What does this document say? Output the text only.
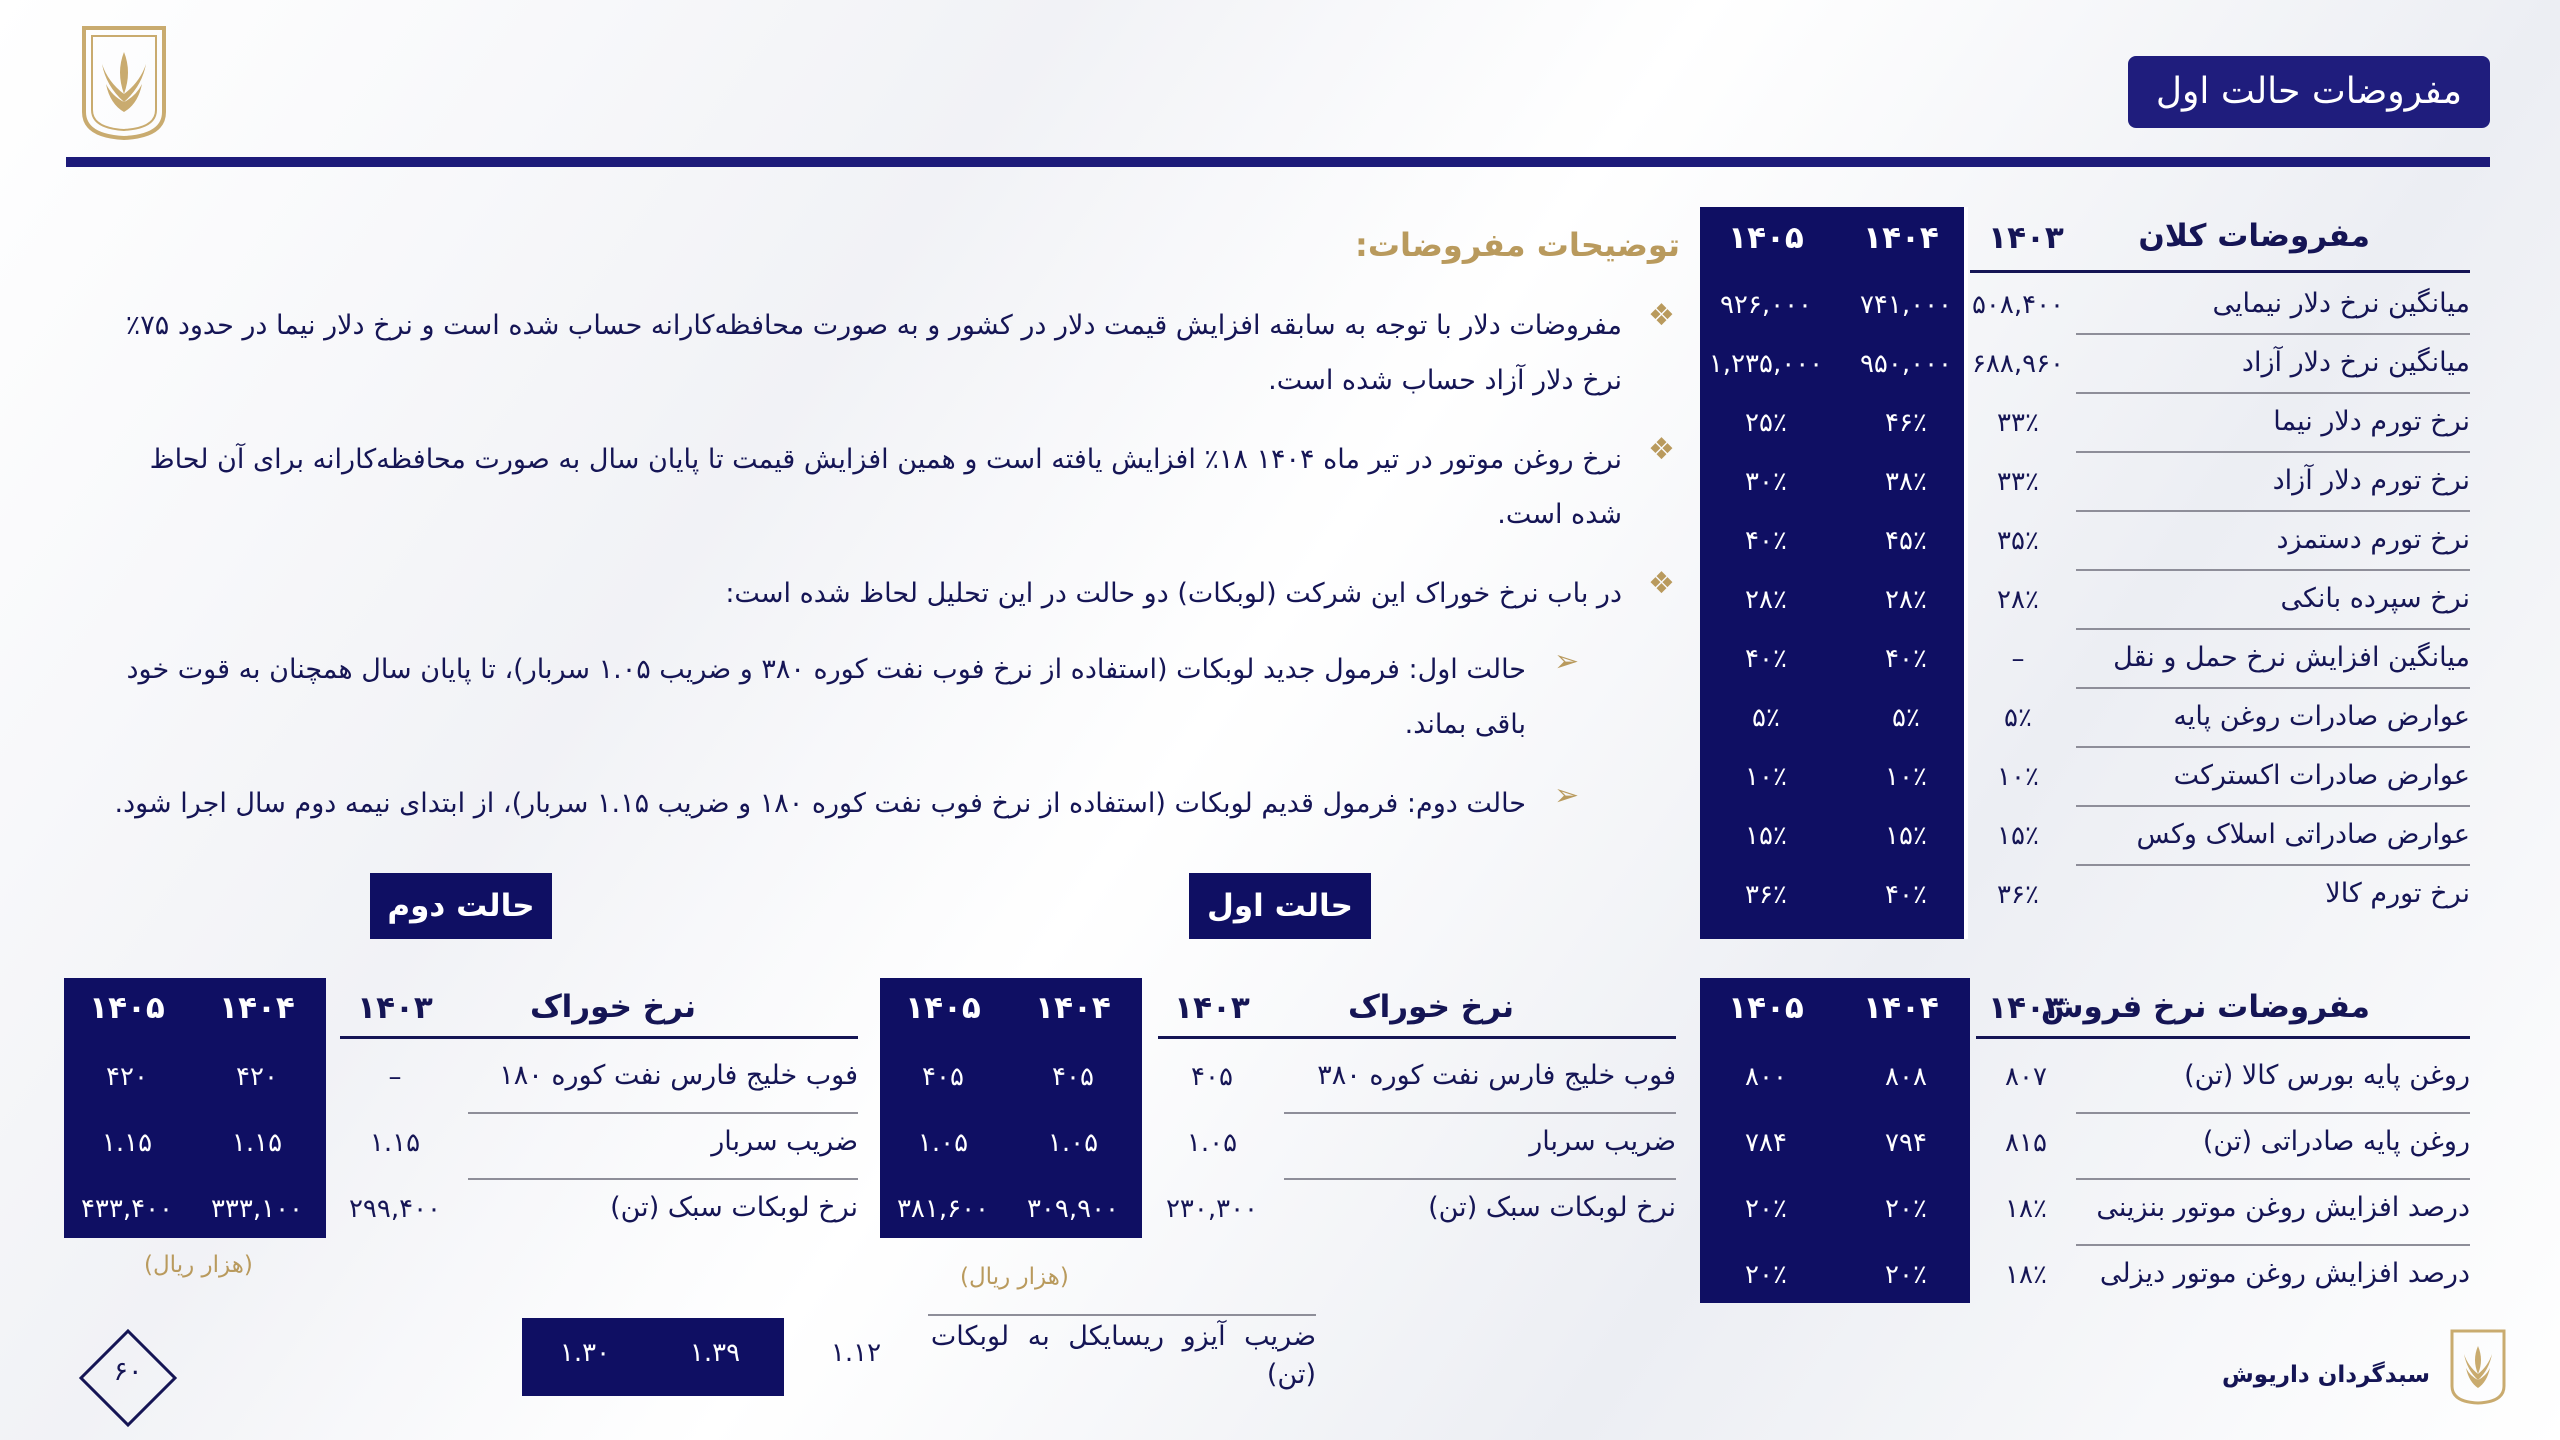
مفروضات حالت اول
مفروضات کلان
۱۴۰۳
۱۴۰۴
۱۴۰۵
میانگین نرخ دلار نیمایی
۵۰۸,۴۰۰
۷۴۱,۰۰۰
۹۲۶,۰۰۰
میانگین نرخ دلار آزاد
۶۸۸,۹۶۰
۹۵۰,۰۰۰
۱,۲۳۵,۰۰۰
نرخ تورم دلار نیما
۳۳٪
۴۶٪
۲۵٪
نرخ تورم دلار آزاد
۳۳٪
۳۸٪
۳۰٪
نرخ تورم دستمزد
۳۵٪
۴۵٪
۴۰٪
نرخ سپرده بانکی
۲۸٪
۲۸٪
۲۸٪
میانگین افزایش نرخ حمل و نقل
–
۴۰٪
۴۰٪
عوارض صادرات روغن پایه
۵٪
۵٪
۵٪
عوارض صادرات اکسترکت
۱۰٪
۱۰٪
۱۰٪
عوارض صادراتی اسلاک وکس
۱۵٪
۱۵٪
۱۵٪
نرخ تورم کالا
۳۶٪
۴۰٪
۳۶٪
مفروضات نرخ فروش
۱۴۰۳
۱۴۰۴
۱۴۰۵
روغن پایه بورس کالا (تن)
۸۰۷
۸۰۸
۸۰۰
روغن پایه صادراتی (تن)
۸۱۵
۷۹۴
۷۸۴
درصد افزایش روغن موتور بنزینی
۱۸٪
۲۰٪
۲۰٪
درصد افزایش روغن موتور دیزلی
۱۸٪
۲۰٪
۲۰٪
توضیحات مفروضات:
❖
مفروضات دلار با توجه به سابقه افزایش قیمت دلار در کشور و به صورت محافظه‌کارانه حساب شده است و نرخ دلار نیما در حدود ۷۵٪ نرخ دلار آزاد حساب شده است.
❖
نرخ روغن موتور در تیر ماه ۱۴۰۴ ۱۸٪ افزایش یافته است و همین افزایش قیمت تا پایان سال به صورت محافظه‌کارانه برای آن لحاظ شده است.
❖
در باب نرخ خوراک این شرکت (لوبکات) دو حالت در این تحلیل لحاظ شده است:
➢
حالت اول: فرمول جدید لوبکات (استفاده از نرخ فوب نفت کوره ۳۸۰ و ضریب ۱.۰۵ سربار)، تا پایان سال همچنان به قوت خود باقی بماند.
➢
حالت دوم: فرمول قدیم لوبکات (استفاده از نرخ فوب نفت کوره ۱۸۰ و ضریب ۱.۱۵ سربار)، از ابتدای نیمه دوم سال اجرا شود.
حالت اول
نرخ خوراک
۱۴۰۳
۱۴۰۴
۱۴۰۵
فوب خلیج فارس نفت کوره ۳۸۰
۴۰۵
۴۰۵
۴۰۵
ضریب سربار
۱.۰۵
۱.۰۵
۱.۰۵
نرخ لوبکات سبک (تن)
۲۳۰,۳۰۰
۳۰۹,۹۰۰
۳۸۱,۶۰۰
(هزار ریال)
حالت دوم
نرخ خوراک
۱۴۰۳
۱۴۰۴
۱۴۰۵
فوب خلیج فارس نفت کوره ۱۸۰
–
۴۲۰
۴۲۰
ضریب سربار
۱.۱۵
۱.۱۵
۱.۱۵
نرخ لوبکات سبک (تن)
۲۹۹,۴۰۰
۳۳۳,۱۰۰
۴۳۳,۴۰۰
(هزار ریال)
ضریب آیزو ریسایکل به لوبکات (تن)
۱.۱۲
۱.۳۹
۱.۳۰
۶۰	سبدگردان داریوش
